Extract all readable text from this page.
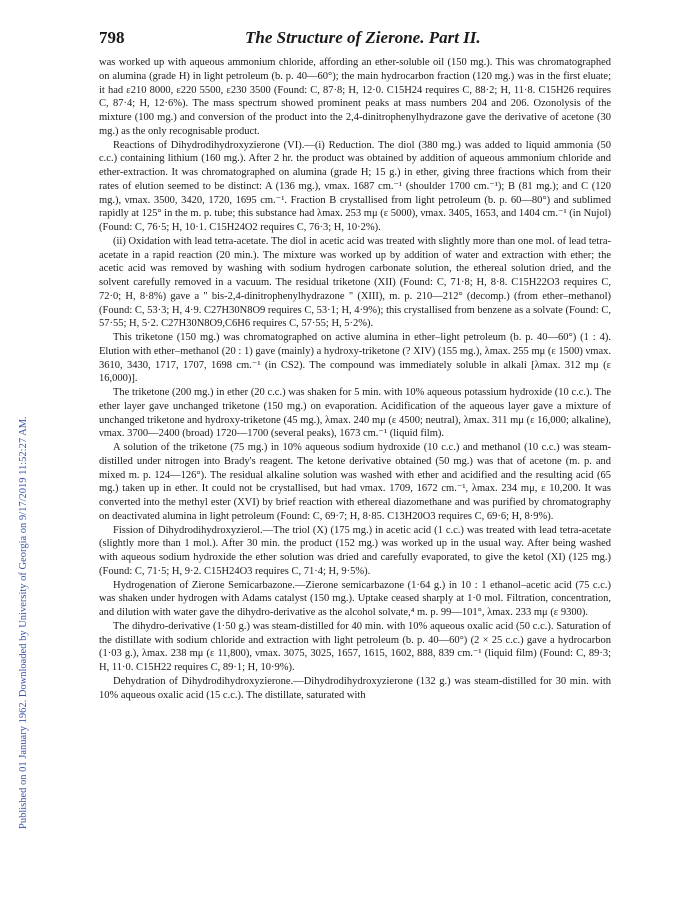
Published on 01 January 1962. Downloaded by University of Georgia on 9/17/2019 11:52:27 AM.
798	The Structure of Zierone. Part II.

was worked up with aqueous ammonium chloride, affording an ether-soluble oil (150 mg.). This was chromatographed on alumina (grade H) in light petroleum (b. p. 40—60°); the main hydrocarbon fraction (120 mg.) was in the first eluate; it had ε210 8000, ε220 5500, ε230 3500 (Found: C, 87·8; H, 12·0. C15H24 requires C, 88·2; H, 11·8. C15H26 requires C, 87·4; H, 12·6%). The mass spectrum showed prominent peaks at mass numbers 204 and 206. Ozonolysis of the mixture (100 mg.) and conversion of the product into the 2,4-dinitrophenylhydrazone gave the derivative of acetone (30 mg.) as the only recognisable product.

Reactions of Dihydrodihydroxyzierone (VI).—(i) Reduction. The diol (380 mg.) was added to liquid ammonia (50 c.c.) containing lithium (160 mg.). After 2 hr. the product was obtained by addition of aqueous ammonium chloride and ether-extraction. It was chromatographed on alumina (grade H; 15 g.) in ether, giving three fractions which from their rates of elution seemed to be distinct: A (136 mg.), νmax. 1687 cm.⁻¹ (shoulder 1700 cm.⁻¹); B (81 mg.); and C (120 mg.), νmax. 3500, 3420, 1720, 1695 cm.⁻¹. Fraction B crystallised from light petroleum (b. p. 60—80°) and sublimed rapidly at 125° in the m. p. tube; this substance had λmax. 253 mμ (ε 5000), νmax. 3405, 1653, and 1404 cm.⁻¹ (in Nujol) (Found: C, 76·5; H, 10·1. C15H24O2 requires C, 76·3; H, 10·2%).

(ii) Oxidation with lead tetra-acetate. The diol in acetic acid was treated with slightly more than one mol. of lead tetra-acetate in a rapid reaction (20 min.). The mixture was worked up by addition of water and extraction with ether; the acetic acid was removed by washing with sodium hydrogen carbonate solution, the ethereal solution dried, and the solvent carefully removed in a vacuum. The residual triketone (XII) (Found: C, 71·8; H, 8·8. C15H22O3 requires C, 72·0; H, 8·8%) gave a " bis-2,4-dinitrophenylhydrazone " (XIII), m. p. 210—212° (decomp.) (from ether–methanol) (Found: C, 53·3; H, 4·9. C27H30N8O9 requires C, 53·1; H, 4·9%); this crystallised from benzene as a solvate (Found: C, 57·55; H, 5·2. C27H30N8O9,C6H6 requires C, 57·55; H, 5·2%).

This triketone (150 mg.) was chromatographed on active alumina in ether–light petroleum (b. p. 40—60°) (1 : 4). Elution with ether–methanol (20 : 1) gave (mainly) a hydroxy-triketone (? XIV) (155 mg.), λmax. 255 mμ (ε 1500) νmax. 3610, 3430, 1717, 1707, 1698 cm.⁻¹ (in CS2). The compound was immediately soluble in alkali [λmax. 312 mμ (ε 16,000)].

The triketone (200 mg.) in ether (20 c.c.) was shaken for 5 min. with 10% aqueous potassium hydroxide (10 c.c.). The ether layer gave unchanged triketone (150 mg.) on evaporation. Acidification of the aqueous layer gave a mixture of unchanged triketone and hydroxy-triketone (45 mg.), λmax. 240 mμ (ε 4500; neutral), λmax. 311 mμ (ε 16,000; alkaline), νmax. 3700—2400 (broad) 1720—1700 (several peaks), 1673 cm.⁻¹ (liquid film).

A solution of the triketone (75 mg.) in 10% aqueous sodium hydroxide (10 c.c.) and methanol (10 c.c.) was steam-distilled under nitrogen into Brady's reagent. The ketone derivative obtained (50 mg.) was that of acetone (m. p. and mixed m. p. 124—126°). The residual alkaline solution was washed with ether and acidified and the resulting acid (65 mg.) taken up in ether. It could not be crystallised, but had νmax. 1709, 1672 cm.⁻¹, λmax. 234 mμ, ε 10,200. It was converted into the methyl ester (XVI) by brief reaction with ethereal diazomethane and was purified by chromatography on deactivated alumina in light petroleum (Found: C, 69·7; H, 8·85. C13H20O3 requires C, 69·6; H, 8·9%).

Fission of Dihydrodihydroxyzierol.—The triol (X) (175 mg.) in acetic acid (1 c.c.) was treated with lead tetra-acetate (slightly more than 1 mol.). After 30 min. the product (152 mg.) was worked up in the usual way. After being washed with aqueous sodium hydroxide the ether solution was dried and carefully evaporated, to give the ketol (XI) (125 mg.) (Found: C, 71·5; H, 9·2. C15H24O3 requires C, 71·4; H, 9·5%).

Hydrogenation of Zierone Semicarbazone.—Zierone semicarbazone (1·64 g.) in 10 : 1 ethanol–acetic acid (75 c.c.) was shaken under hydrogen with Adams catalyst (150 mg.). Uptake ceased sharply at 1·0 mol. Filtration, concentration, and dilution with water gave the dihydro-derivative as the alcohol solvate,⁴ m. p. 99—101°, λmax. 233 mμ (ε 9300).

The dihydro-derivative (1·50 g.) was steam-distilled for 40 min. with 10% aqueous oxalic acid (50 c.c.). Saturation of the distillate with sodium chloride and extraction with light petroleum (b. p. 40—60°) (2 × 25 c.c.) gave a hydrocarbon (1·03 g.), λmax. 238 mμ (ε 11,800), νmax. 3075, 3025, 1657, 1615, 1602, 888, 839 cm.⁻¹ (liquid film) (Found: C, 89·3; H, 11·0. C15H22 requires C, 89·1; H, 10·9%).

Dehydration of Dihydrodihydroxyzierone.—Dihydrodihydroxyzierone (132 g.) was steam-distilled for 30 min. with 10% aqueous oxalic acid (15 c.c.). The distillate, saturated with
